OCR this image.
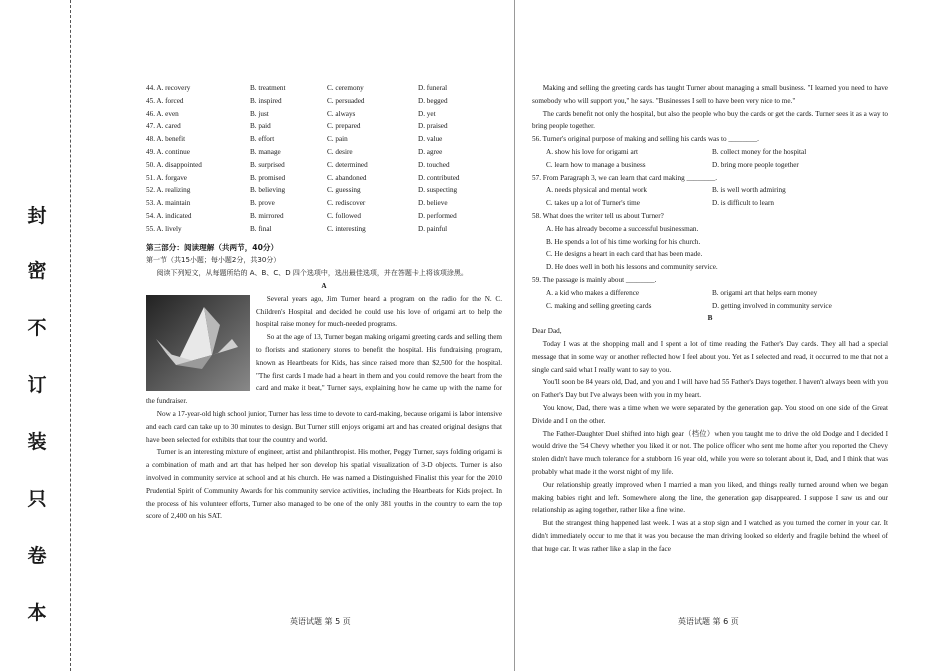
封
密
不
订
装
只
卷
本
44. A. recovery	B. treatment	C. ceremony	D. funeral
45. A. forced	B. inspired	C. persuaded	D. begged
46. A. even	B. just	C. always	D. yet
47. A. cared	B. paid	C. prepared	D. praised
48. A. benefit	B. effort	C. pain	D. value
49. A. continue	B. manage	C. desire	D. agree
50. A. disappointed	B. surprised	C. determined	D. touched
51. A. forgave	B. promised	C. abandoned	D. contributed
52. A. realizing	B. believing	C. guessing	D. suspecting
53. A. maintain	B. prove	C. rediscover	D. believe
54. A. indicated	B. mirrored	C. followed	D. performed
55. A. lively	B. final	C. interesting	D. painful
第三部分：阅读理解（共两节，40分）
第一节（共15小题；每小题2分，共30分）

阅读下列短文，从每题所给的 A、B、C、D 四个选项中，选出最佳选项，并在答题卡上将该项涂黑。

A

Several years ago, Jim Turner heard a program on the radio for the N. C. Children's Hospital and decided he could use his love of origami art to help the hospital raise money for much-needed programs.

So at the age of 13, Turner began making origami greeting cards and selling them to florists and stationery stores to benefit the hospital. His fundraising program, known as Heartbeats for Kids, has since raised more than $2,500 for the hospital. "The first cards I made had a heart in them and you could remove the heart from the card and make it beat," Turner says, explaining how he came up with the name for the fundraiser.

Now a 17-year-old high school junior, Turner has less time to devote to card-making, because origami is labor intensive and each card can take up to 30 minutes to design. But Turner still enjoys origami art and has created original designs that have been selected for exhibits that tour the country and world.

Turner is an interesting mixture of engineer, artist and philanthropist. His mother, Peggy Turner, says folding origami is a combination of math and art that has helped her son develop his spatial visualization of 3-D objects. Turner is also involved in community service at school and at his church. He was named a Distinguished Finalist this year for the 2010 Prudential Spirit of Community Awards for his community service activities, including the Heartbeats for Kids project. In the process of his volunteer efforts, Turner also managed to be one of the only 381 youths in the country to earn the top score of 2,400 on his SAT.

英语试题 第 5 页

Making and selling the greeting cards has taught Turner about managing a small business. "I learned you need to have somebody who will support you," he says. "Businesses I sell to have been very nice to me."

The cards benefit not only the hospital, but also the people who buy the cards or get the cards. Turner sees it as a way to bring people together.

56. Turner's original purpose of making and selling his cards was to ________.
A. show his love for origami art	B. collect money for the hospital
C. learn how to manage a business	D. bring more people together
57. From Paragraph 3, we can learn that card making ________.
A. needs physical and mental work	B. is well worth admiring
C. takes up a lot of Turner's time	D. is difficult to learn
58. What does the writer tell us about Turner?
A. He has already become a successful businessman.
B. He spends a lot of his time working for his church.
C. He designs a heart in each card that has been made.
D. He does well in both his lessons and community service.
59. The passage is mainly about ________.
A. a kid who makes a difference	B. origami art that helps earn money
C. making and selling greeting cards	D. getting involved in community service
B
Dear Dad,

Today I was at the shopping mall and I spent a lot of time reading the Father's Day cards. They all had a special message that in some way or another reflected how I feel about you. Yet as I selected and read, it occurred to me that not a single card said what I really want to say to you.

You'll soon be 84 years old, Dad, and you and I will have had 55 Father's Days together. I haven't always been with you on Father's Day but I've always been with you in my heart.

You know, Dad, there was a time when we were separated by the generation gap. You stood on one side of the Great Divide and I on the other.

The Father-Daughter Duel shifted into high gear（档位）when you taught me to drive the old Dodge and I decided I would drive the '54 Chevy whether you liked it or not. The police officer who sent me home after you reported the Chevy stolen didn't have much tolerance for a stubborn 16 year old, while you were so tolerant about it, Dad, and I think that was probably what made it the worst night of my life.

Our relationship greatly improved when I married a man you liked, and things really turned around when we began making babies right and left. Somewhere along the line, the generation gap disappeared. I suppose I saw us and our relationship as aging together, rather like a fine wine.

But the strangest thing happened last week. I was at a stop sign and I watched as you turned the corner in your car. It didn't immediately occur to me that it was you because the man driving looked so elderly and fragile behind the wheel of that huge car. It was rather like a slap in the face

英语试题 第 6 页
